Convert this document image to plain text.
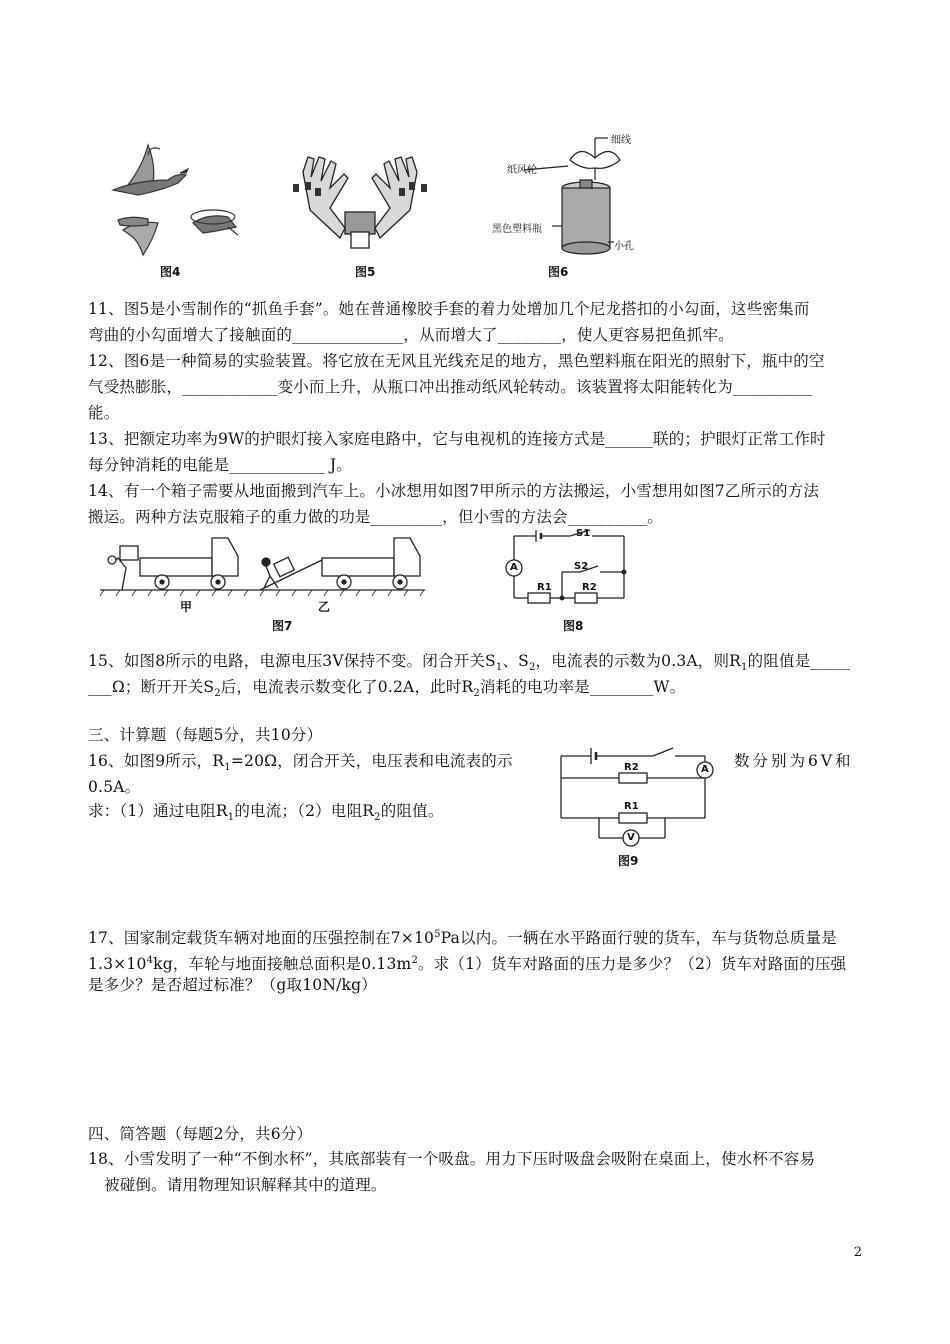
图4	图5
细线
纸风轮
黑色塑料瓶
小孔
图6
11、图5是小雪制作的“抓鱼手套”。她在普通橡胶手套的着力处增加几个尼龙搭扣的小勾面，这些密集而
弯曲的小勾面增大了接触面的______________，从而增大了________，使人更容易把鱼抓牢。
12、图6是一种简易的实验装置。将它放在无风且光线充足的地方，黑色塑料瓶在阳光的照射下，瓶中的空
气受热膨胀，____________变小而上升，从瓶口冲出推动纸风轮转动。该装置将太阳能转化为__________
能。
13、把额定功率为9W的护眼灯接入家庭电路中，它与电视机的连接方式是______联的；护眼灯正常工作时
每分钟消耗的电能是____________ J。
14、有一个箱子需要从地面搬到汽车上。小冰想用如图7甲所示的方法搬运，小雪想用如图7乙所示的方法
搬运。两种方法克服箱子的重力做的功是_________，但小雪的方法会__________。
甲	乙
图7
A
S1
S2
R1	R2
图8
15、如图8所示的电路，电源电压3V保持不变。闭合开关$S_1$、$S_2$，电流表的示数为0.3A，则$R_1$的阻值是_____
___Ω；断开开关$S_2$后，电流表示数变化了0.2A，此时$R_2$消耗的电功率是________W。
三、计算题（每题5分，共10分）
16、如图9所示，$R_1=20\Omega$，闭合开关，电压表和电流表的示	数分别为6V和
0.5A。
求：（1）通过电阻$R_1$的电流；（2）电阻$R_2$的阻值。
A
V
R2
R1
图9
17、国家制定载货车辆对地面的压强控制在$7\times 10^5Pa$以内。一辆在水平路面行驶的货车，车与货物总质量是
$1.3\times 10^4kg$，车轮与地面接触总面积是$0.13m^2$。求（1）货车对路面的压力是多少？（2）货车对路面的压强
是多少？是否超过标准？（g取10N/kg）
四、简答题（每题2分，共6分）
18、小雪发明了一种“不倒水杯”，其底部装有一个吸盘。用力下压时吸盘会吸附在桌面上，使水杯不容易
被碰倒。请用物理知识解释其中的道理。
2
